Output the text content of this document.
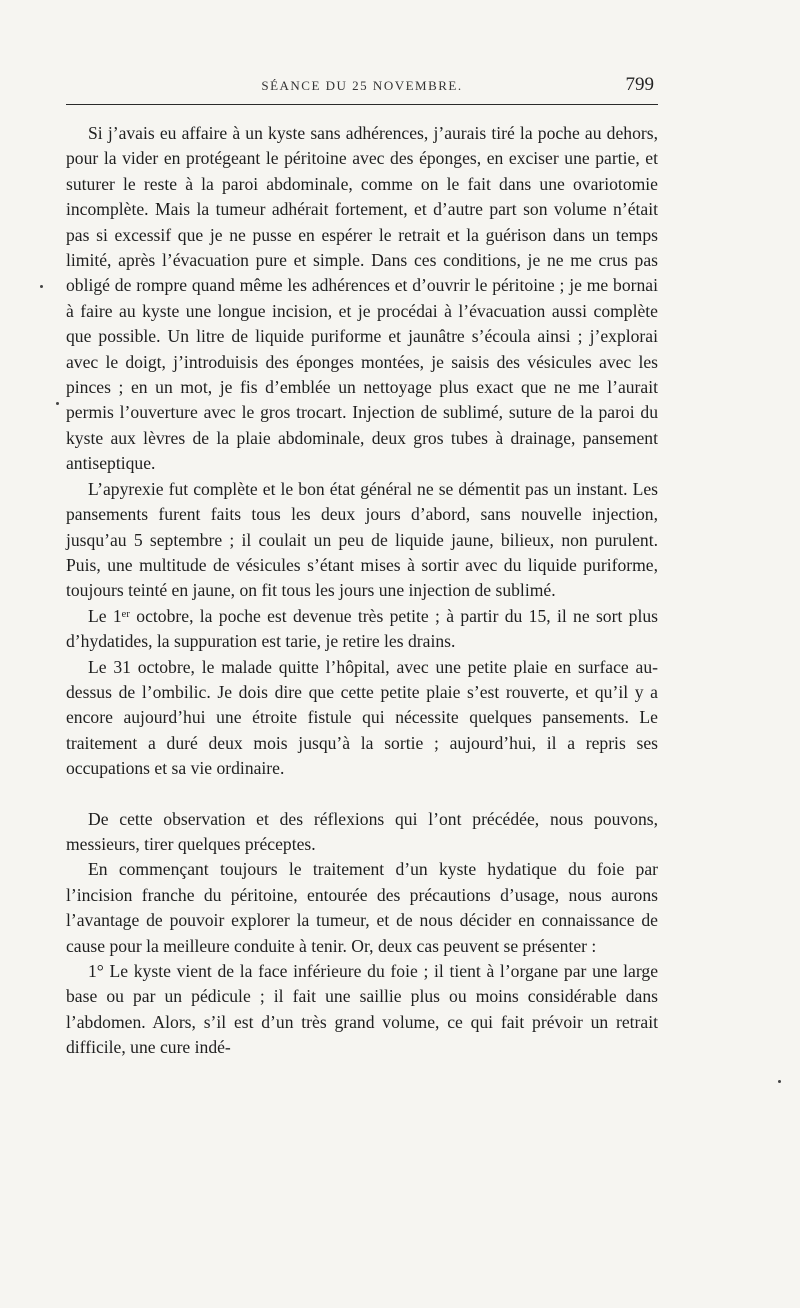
SÉANCE DU 25 NOVEMBRE.	799

Si j’avais eu affaire à un kyste sans adhérences, j’aurais tiré la poche au dehors, pour la vider en protégeant le péritoine avec des éponges, en exciser une partie, et suturer le reste à la paroi abdominale, comme on le fait dans une ovariotomie incomplète. Mais la tumeur adhérait fortement, et d’autre part son volume n’était pas si excessif que je ne pusse en espérer le retrait et la guérison dans un temps limité, après l’évacuation pure et simple. Dans ces conditions, je ne me crus pas obligé de rompre quand même les adhérences et d’ouvrir le péritoine ; je me bornai à faire au kyste une longue incision, et je procédai à l’évacuation aussi complète que possible. Un litre de liquide puriforme et jaunâtre s’écoula ainsi ; j’explorai avec le doigt, j’introduisis des éponges montées, je saisis des vésicules avec les pinces ; en un mot, je fis d’emblée un nettoyage plus exact que ne me l’aurait permis l’ouverture avec le gros trocart. Injection de sublimé, suture de la paroi du kyste aux lèvres de la plaie abdominale, deux gros tubes à drainage, pansement antiseptique.

L’apyrexie fut complète et le bon état général ne se démentit pas un instant. Les pansements furent faits tous les deux jours d’abord, sans nouvelle injection, jusqu’au 5 septembre ; il coulait un peu de liquide jaune, bilieux, non purulent. Puis, une multitude de vésicules s’étant mises à sortir avec du liquide puriforme, toujours teinté en jaune, on fit tous les jours une injection de sublimé.

Le 1ᵉʳ octobre, la poche est devenue très petite ; à partir du 15, il ne sort plus d’hydatides, la suppuration est tarie, je retire les drains.

Le 31 octobre, le malade quitte l’hôpital, avec une petite plaie en surface au-dessus de l’ombilic. Je dois dire que cette petite plaie s’est rouverte, et qu’il y a encore aujourd’hui une étroite fistule qui nécessite quelques pansements. Le traitement a duré deux mois jusqu’à la sortie ; aujourd’hui, il a repris ses occupations et sa vie ordinaire.

De cette observation et des réflexions qui l’ont précédée, nous pouvons, messieurs, tirer quelques préceptes.

En commençant toujours le traitement d’un kyste hydatique du foie par l’incision franche du péritoine, entourée des précautions d’usage, nous aurons l’avantage de pouvoir explorer la tumeur, et de nous décider en connaissance de cause pour la meilleure conduite à tenir. Or, deux cas peuvent se présenter :

1° Le kyste vient de la face inférieure du foie ; il tient à l’organe par une large base ou par un pédicule ; il fait une saillie plus ou moins considérable dans l’abdomen. Alors, s’il est d’un très grand volume, ce qui fait prévoir un retrait difficile, une cure indé-
